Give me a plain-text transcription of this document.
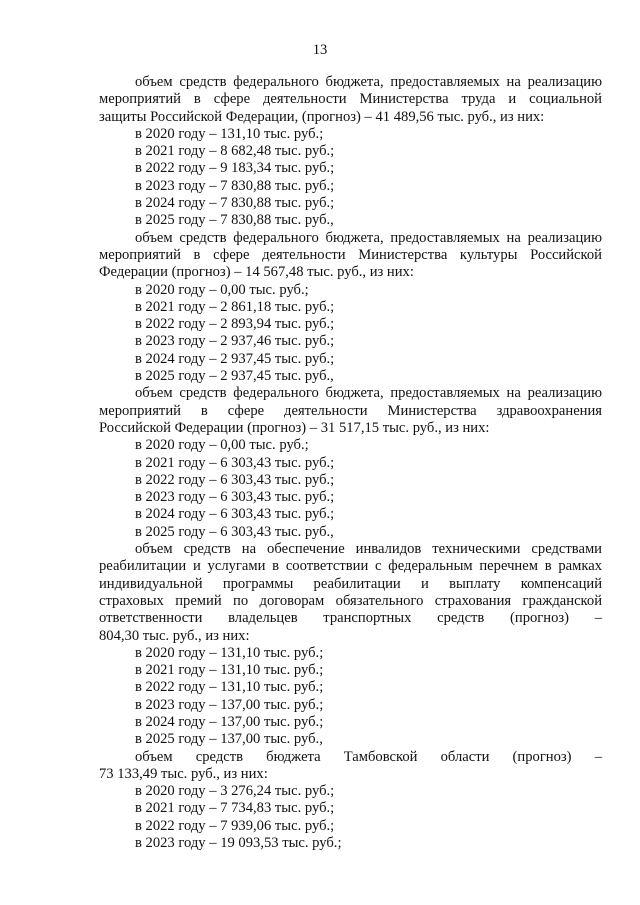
13
объем средств федерального бюджета, предоставляемых на реализацию
мероприятий в сфере деятельности Министерства труда и социальной
защиты Российской Федерации, (прогноз) – 41 489,56 тыс. руб., из них:
в 2020 году – 131,10 тыс. руб.;
в 2021 году – 8 682,48 тыс. руб.;
в 2022 году – 9 183,34 тыс. руб.;
в 2023 году – 7 830,88 тыс. руб.;
в 2024 году – 7 830,88 тыс. руб.;
в 2025 году – 7 830,88 тыс. руб.,
объем средств федерального бюджета, предоставляемых на реализацию
мероприятий в сфере деятельности Министерства культуры Российской
Федерации (прогноз) – 14 567,48 тыс. руб., из них:
в 2020 году – 0,00 тыс. руб.;
в 2021 году – 2 861,18 тыс. руб.;
в 2022 году – 2 893,94 тыс. руб.;
в 2023 году – 2 937,46 тыс. руб.;
в 2024 году – 2 937,45 тыс. руб.;
в 2025 году – 2 937,45 тыс. руб.,
объем средств федерального бюджета, предоставляемых на реализацию
мероприятий в сфере деятельности Министерства здравоохранения
Российской Федерации (прогноз) – 31 517,15 тыс. руб., из них:
в 2020 году – 0,00 тыс. руб.;
в 2021 году – 6 303,43 тыс. руб.;
в 2022 году – 6 303,43 тыс. руб.;
в 2023 году – 6 303,43 тыс. руб.;
в 2024 году – 6 303,43 тыс. руб.;
в 2025 году – 6 303,43 тыс. руб.,
объем средств на обеспечение инвалидов техническими средствами
реабилитации и услугами в соответствии с федеральным перечнем в рамках
индивидуальной программы реабилитации и выплату компенсаций
страховых премий по договорам обязательного страхования гражданской
ответственности владельцев транспортных средств (прогноз) –
804,30 тыс. руб., из них:
в 2020 году – 131,10 тыс. руб.;
в 2021 году – 131,10 тыс. руб.;
в 2022 году – 131,10 тыс. руб.;
в 2023 году – 137,00 тыс. руб.;
в 2024 году – 137,00 тыс. руб.;
в 2025 году – 137,00 тыс. руб.,
объем средств бюджета Тамбовской области (прогноз) –
73 133,49 тыс. руб., из них:
в 2020 году – 3 276,24 тыс. руб.;
в 2021 году – 7 734,83 тыс. руб.;
в 2022 году – 7 939,06 тыс. руб.;
в 2023 году – 19 093,53 тыс. руб.;
